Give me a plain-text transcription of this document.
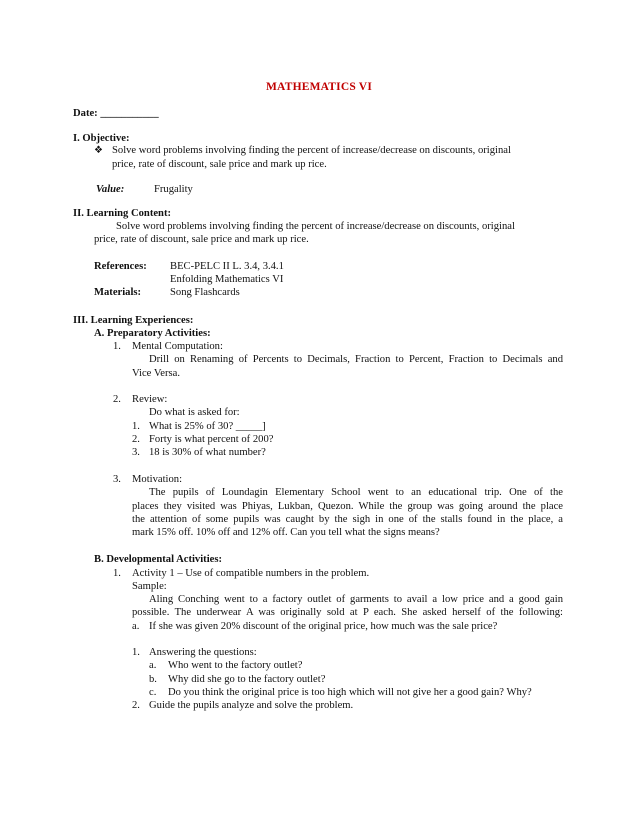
MATHEMATICS VI
Date: ___________
I. Objective:
❖ Solve word problems involving finding the percent of increase/decrease on discounts, original
price, rate of discount, sale price and mark up rice.
Value:	Frugality
II. Learning Content:
Solve word problems involving finding the percent of increase/decrease on discounts, original
price, rate of discount, sale price and mark up rice.
References: BEC-PELC II L. 3.4, 3.4.1
Enfolding Mathematics VI
Materials:	Song Flashcards
III. Learning Experiences:
A. Preparatory Activities:
1. Mental Computation:
Drill on Renaming of Percents to Decimals, Fraction to Percent, Fraction to Decimals and
Vice Versa.
2. Review:
Do what is asked for:
1. What is 25% of 30? _____]
2. Forty is what percent of 200?
3. 18 is 30% of what number?
3. Motivation:
The pupils of Loundagin Elementary School went to an educational trip. One of the
places they visited was Phiyas, Lukban, Quezon. While the group was going around the place
the attention of some pupils was caught by the sigh in one of the stalls found in the place, a
mark 15% off. 10% off and 12% off. Can you tell what the signs means?
B. Developmental Activities:
1. Activity 1 – Use of compatible numbers in the problem.
Sample:
Aling Conching went to a factory outlet of garments to avail a low price and a good gain
possible. The underwear A was originally sold at P each. She asked herself of the following:
a. If she was given 20% discount of the original price, how much was the sale price?
1. Answering the questions:
a. Who went to the factory outlet?
b. Why did she go to the factory outlet?
c. Do you think the original price is too high which will not give her a good gain? Why?
2. Guide the pupils analyze and solve the problem.
